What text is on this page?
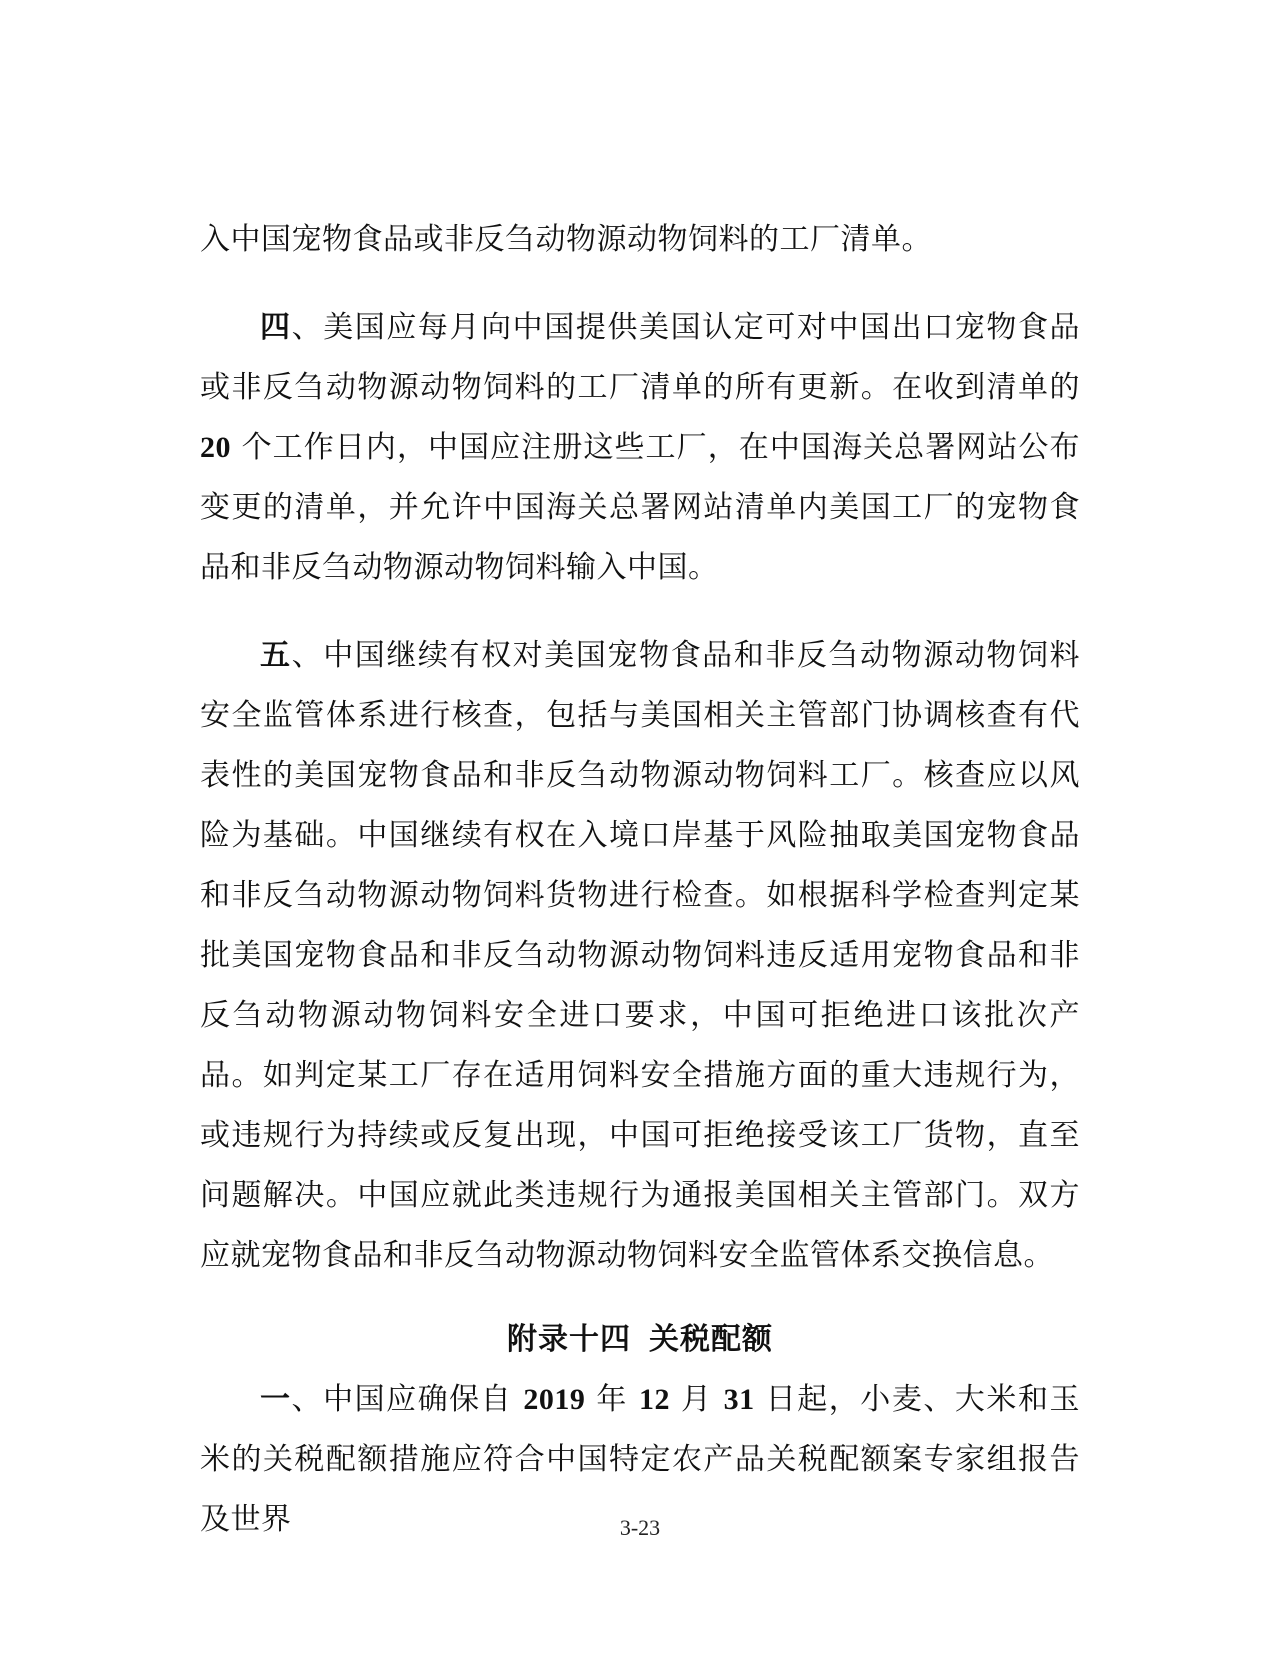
入中国宠物食品或非反刍动物源动物饲料的工厂清单。

四、美国应每月向中国提供美国认定可对中国出口宠物食品或非反刍动物源动物饲料的工厂清单的所有更新。在收到清单的 20 个工作日内，中国应注册这些工厂，在中国海关总署网站公布变更的清单，并允许中国海关总署网站清单内美国工厂的宠物食品和非反刍动物源动物饲料输入中国。

五、中国继续有权对美国宠物食品和非反刍动物源动物饲料安全监管体系进行核查，包括与美国相关主管部门协调核查有代表性的美国宠物食品和非反刍动物源动物饲料工厂。核查应以风险为基础。中国继续有权在入境口岸基于风险抽取美国宠物食品和非反刍动物源动物饲料货物进行检查。如根据科学检查判定某批美国宠物食品和非反刍动物源动物饲料违反适用宠物食品和非反刍动物源动物饲料安全进口要求，中国可拒绝进口该批次产品。如判定某工厂存在适用饲料安全措施方面的重大违规行为，或违规行为持续或反复出现，中国可拒绝接受该工厂货物，直至问题解决。中国应就此类违规行为通报美国相关主管部门。双方应就宠物食品和非反刍动物源动物饲料安全监管体系交换信息。

附录十四 关税配额

一、中国应确保自 2019 年 12 月 31 日起，小麦、大米和玉米的关税配额措施应符合中国特定农产品关税配额案专家组报告及世界	3-23
